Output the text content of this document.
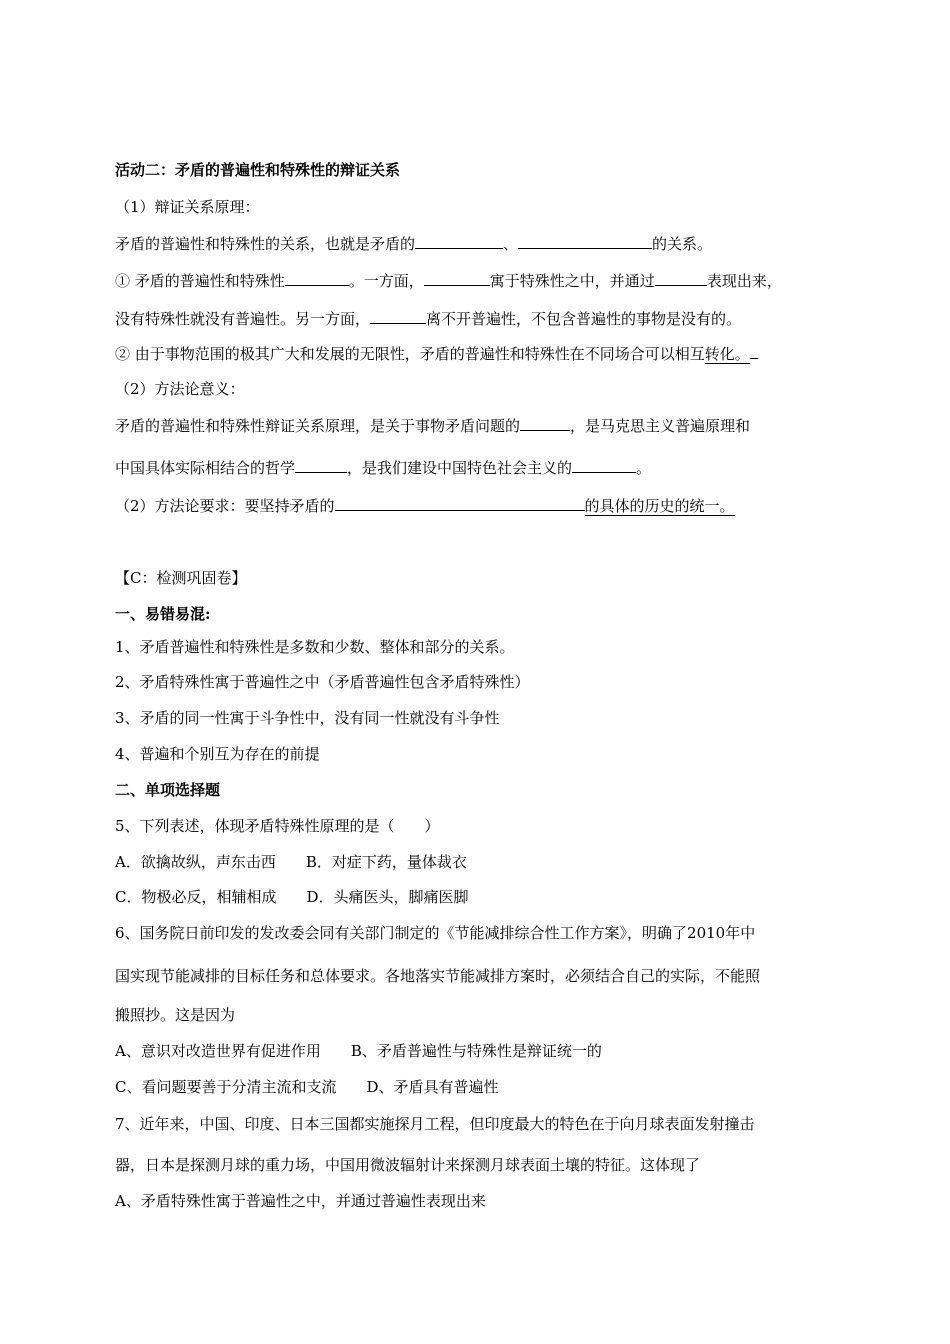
活动二：矛盾的普遍性和特殊性的辩证关系
（1）辩证关系原理：
矛盾的普遍性和特殊性的关系，也就是矛盾的	、	的关系。
① 矛盾的普遍性和特殊性	。一方面，	寓于特殊性之中，并通过	表现出来，
没有特殊性就没有普遍性。另一方面，	离不开普遍性，不包含普遍性的事物是没有的。
② 由于事物范围的极其广大和发展的无限性，矛盾的普遍性和特殊性在不同场合可以相互转化。
（2）方法论意义：
矛盾的普遍性和特殊性辩证关系原理，是关于事物矛盾问题的	，是马克思主义普遍原理和
中国具体实际相结合的哲学	，是我们建设中国特色社会主义的	。
（2）方法论要求：要坚持矛盾的	的具体的历史的统一。
【C：检测巩固卷】
一、易错易混:
1、矛盾普遍性和特殊性是多数和少数、整体和部分的关系。
2、矛盾特殊性寓于普遍性之中（矛盾普遍性包含矛盾特殊性）
3、矛盾的同一性寓于斗争性中，没有同一性就没有斗争性
4、普遍和个别互为存在的前提
二、单项选择题
5、下列表述，体现矛盾特殊性原理的是（　　）
A．欲擒故纵，声东击西　　B．对症下药，量体裁衣
C．物极必反，相辅相成　　D．头痛医头，脚痛医脚
6、国务院日前印发的发改委会同有关部门制定的《节能减排综合性工作方案》，明确了2010年中
国实现节能减排的目标任务和总体要求。各地落实节能减排方案时，必须结合自己的实际，不能照
搬照抄。这是因为
A、意识对改造世界有促进作用　　B、矛盾普遍性与特殊性是辩证统一的
C、看问题要善于分清主流和支流　　D、矛盾具有普遍性
7、近年来，中国、印度、日本三国都实施探月工程，但印度最大的特色在于向月球表面发射撞击
器，日本是探测月球的重力场，中国用微波辐射计来探测月球表面土壤的特征。这体现了
A、矛盾特殊性寓于普遍性之中，并通过普遍性表现出来
